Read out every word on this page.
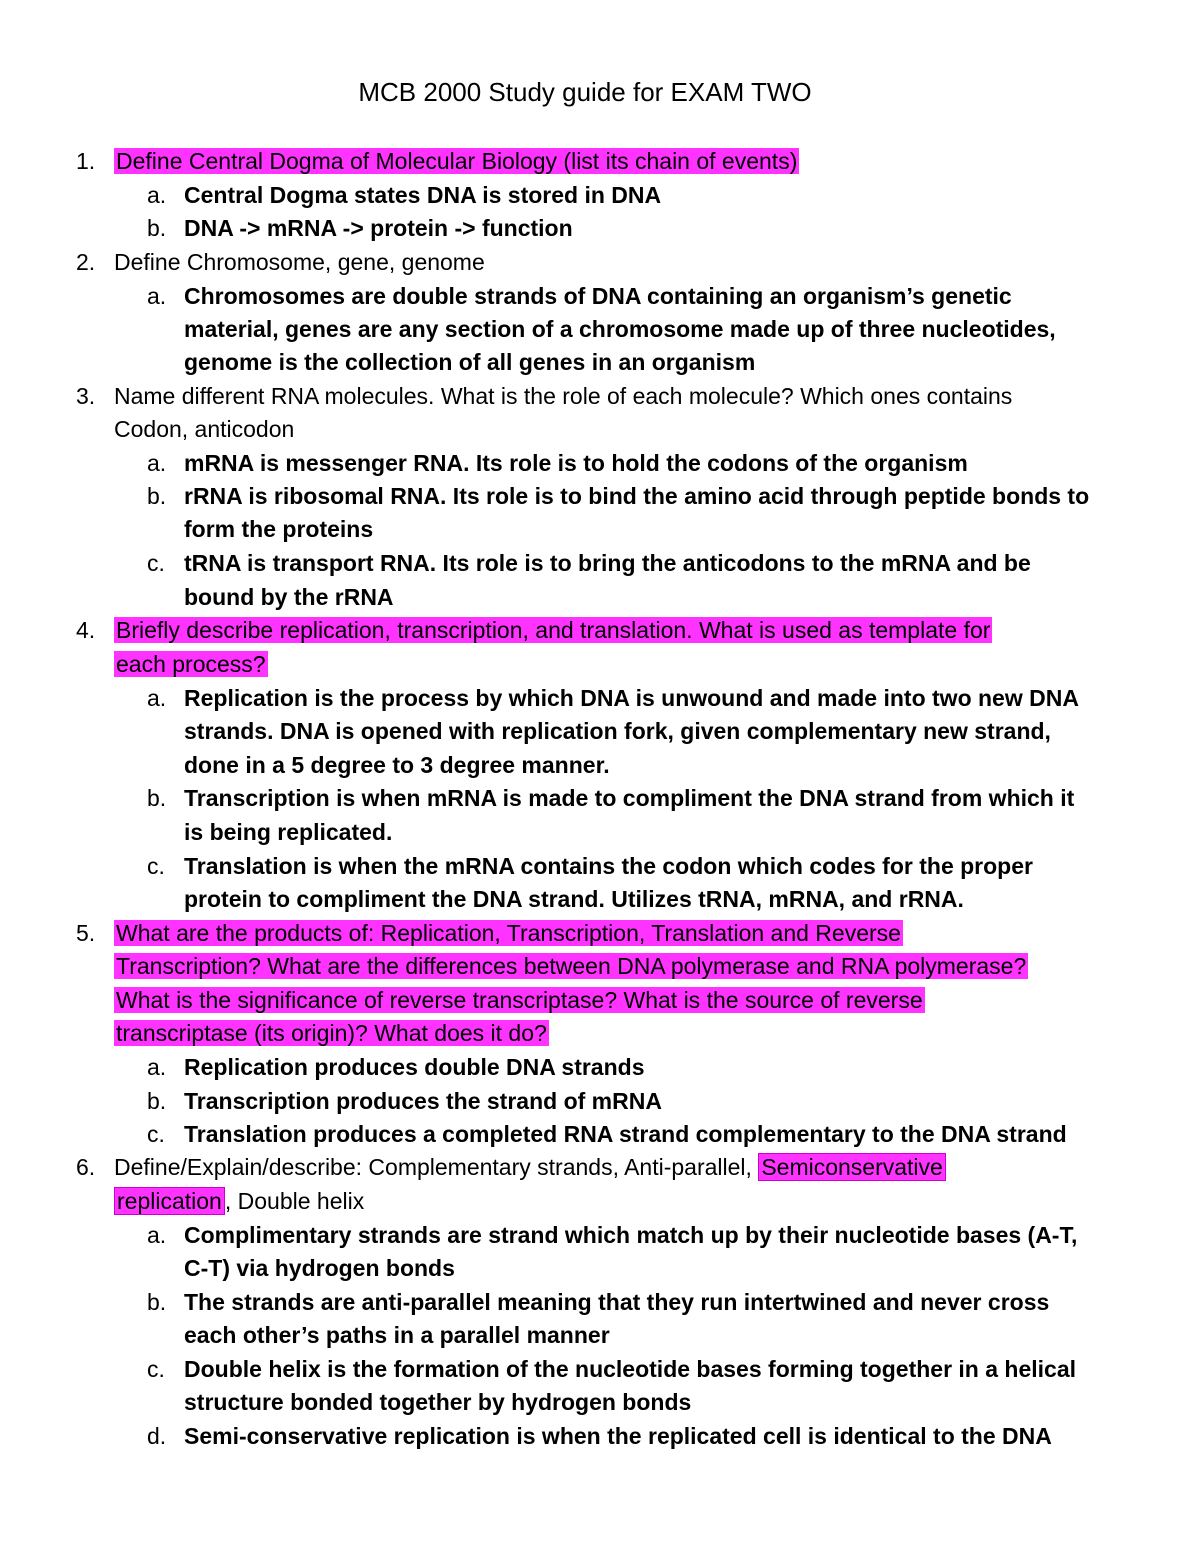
MCB 2000 Study guide for EXAM TWO
1. Define Central Dogma of Molecular Biology (list its chain of events)
a. Central Dogma states DNA is stored in DNA
b. DNA -> mRNA -> protein -> function
2. Define Chromosome, gene, genome
a. Chromosomes are double strands of DNA containing an organism’s genetic
material, genes are any section of a chromosome made up of three nucleotides,
genome is the collection of all genes in an organism
3. Name different RNA molecules. What is the role of each molecule? Which ones contains
Codon, anticodon
a. mRNA is messenger RNA. Its role is to hold the codons of the organism
b. rRNA is ribosomal RNA. Its role is to bind the amino acid through peptide bonds to
form the proteins
c. tRNA is transport RNA. Its role is to bring the anticodons to the mRNA and be
bound by the rRNA
4. Briefly describe replication, transcription, and translation. What is used as template for
each process?
a. Replication is the process by which DNA is unwound and made into two new DNA
strands. DNA is opened with replication fork, given complementary new strand,
done in a 5 degree to 3 degree manner.
b. Transcription is when mRNA is made to compliment the DNA strand from which it
is being replicated.
c. Translation is when the mRNA contains the codon which codes for the proper
protein to compliment the DNA strand. Utilizes tRNA, mRNA, and rRNA.
5. What are the products of: Replication, Transcription, Translation and Reverse
Transcription? What are the differences between DNA polymerase and RNA polymerase?
What is the significance of reverse transcriptase? What is the source of reverse
transcriptase (its origin)? What does it do?
a. Replication produces double DNA strands
b. Transcription produces the strand of mRNA
c. Translation produces a completed RNA strand complementary to the DNA strand
6. Define/Explain/describe: Complementary strands, Anti-parallel, Semiconservative
replication , Double helix
a. Complimentary strands are strand which match up by their nucleotide bases (A-T,
C-T) via hydrogen bonds
b. The strands are anti-parallel meaning that they run intertwined and never cross
each other’s paths in a parallel manner
c. Double helix is the formation of the nucleotide bases forming together in a helical
structure bonded together by hydrogen bonds
d. Semi-conservative replication is when the replicated cell is identical to the DNA
